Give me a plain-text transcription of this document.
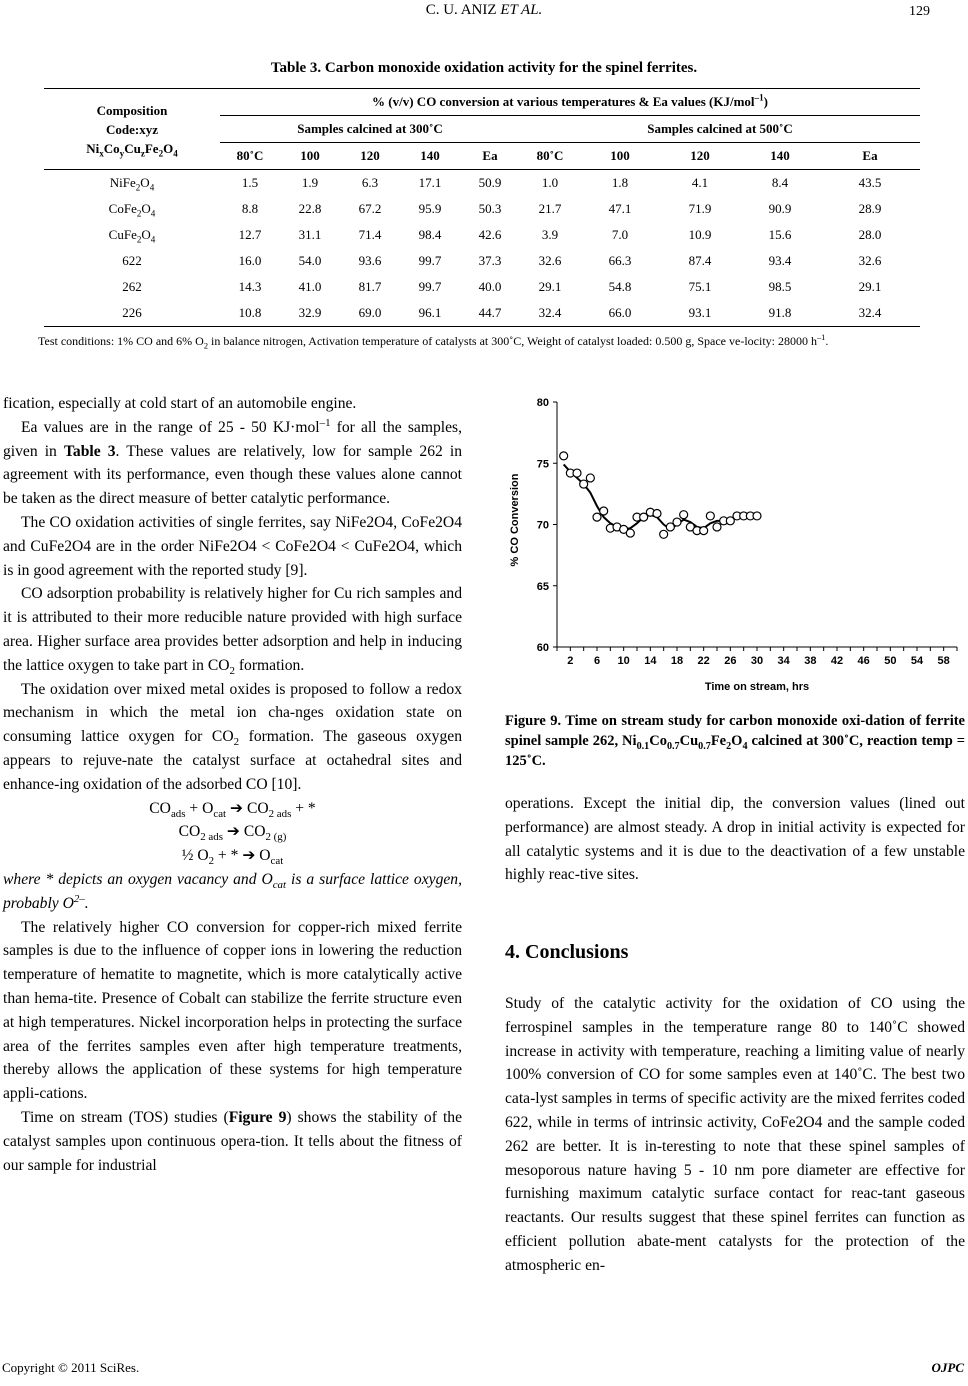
C. U. ANIZ ET AL.	129
Table 3. Carbon monoxide oxidation activity for the spinel ferrites.
Composition
Code:xyz
$Ni_xCo_yCu_zFe_2O_4$	% (v/v) CO conversion at various temperatures & Ea values (KJ/mol$^{-1}$)									
	Samples calcined at 300˚C					Samples calcined at 500˚C				
	80˚C	100	120	140	Ea	80˚C	100	120	140	Ea
$NiFe_2O_4$	1.5	1.9	6.3	17.1	50.9	1.0	1.8	4.1	8.4	43.5
$CoFe_2O_4$	8.8	22.8	67.2	95.9	50.3	21.7	47.1	71.9	90.9	28.9
$CuFe_2O_4$	12.7	31.1	71.4	98.4	42.6	3.9	7.0	10.9	15.6	28.0
622	16.0	54.0	93.6	99.7	37.3	32.6	66.3	87.4	93.4	32.6
262	14.3	41.0	81.7	99.7	40.0	29.1	54.8	75.1	98.5	29.1
226	10.8	32.9	69.0	96.1	44.7	32.4	66.0	93.1	91.8	32.4
Test conditions: 1% CO and 6% $O_2$ in balance nitrogen, Activation temperature of catalysts at 300˚C, Weight of catalyst loaded: 0.500 g, Space ve-locity: 28000 $h^{-1}$.

fication, especially at cold start of an automobile engine.

Ea values are in the range of 25 - 50 KJ·mol$^{-1}$ for all the samples, given in Table 3. These values are relatively, low for sample 262 in agreement with its performance, even though these values alone cannot be taken as the direct measure of better catalytic performance.

The CO oxidation activities of single ferrites, say NiFe2O4, CoFe2O4 and CuFe2O4 are in the order NiFe2O4 < CoFe2O4 < CuFe2O4, which is in good agreement with the reported study [9].

CO adsorption probability is relatively higher for Cu rich samples and it is attributed to their more reducible nature provided with high surface area. Higher surface area provides better adsorption and help in inducing the lattice oxygen to take part in $CO_2$ formation.

The oxidation over mixed metal oxides is proposed to follow a redox mechanism in which the metal ion cha-nges oxidation state on consuming lattice oxygen for $CO_2$ formation. The gaseous oxygen appears to rejuve-nate the catalyst surface at octahedral sites and enhance-ing oxidation of the adsorbed CO [10].

$CO_{ads} + O_{cat}$ ➔ $CO_{2 ads}$ + *

$CO_{2 ads}$ ➔ $CO_{2 (g)}$

½ $O_2$ + * ➔ $O_{cat}$

where * depicts an oxygen vacancy and $O_{cat}$ is a surface lattice oxygen, probably $O^{2-}$.

The relatively higher CO conversion for copper-rich mixed ferrite samples is due to the influence of copper ions in lowering the reduction temperature of hematite to magnetite, which is more catalytically active than hema-tite. Presence of Cobalt can stabilize the ferrite structure even at high temperatures. Nickel incorporation helps in protecting the surface area of the ferrites samples even after high temperature treatments, thereby allows the application of these systems for high temperature appli-cations.

Time on stream (TOS) studies (Figure 9) shows the stability of the catalyst samples upon continuous opera-tion. It tells about the fitness of our sample for industrial

60
65
70
75
80
2 6 10 14 18 22 26 30 34 38 42 46 50 54 58
% CO Conversion
Time on stream, hrs
Figure 9. Time on stream study for carbon monoxide oxi-dation of ferrite spinel sample 262, $Ni_{0.1}Co_{0.7}Cu_{0.7}Fe_2O_4$ calcined at 300˚C, reaction temp = 125˚C.

operations. Except the initial dip, the conversion values (lined out performance) are almost steady. A drop in initial activity is expected for all catalytic systems and it is due to the deactivation of a few unstable highly reac-tive sites.

4. Conclusions

Study of the catalytic activity for the oxidation of CO using the ferrospinel samples in the temperature range 80 to 140˚C showed increase in activity with temperature, reaching a limiting value of nearly 100% conversion of CO for some samples even at 140˚C. The best two cata-lyst samples in terms of specific activity are the mixed ferrites coded 622, while in terms of intrinsic activity, CoFe2O4 and the sample coded 262 are better. It is in-teresting to note that these spinel samples of mesoporous nature having 5 - 10 nm pore diameter are effective for furnishing maximum catalytic surface contact for reac-tant gaseous reactants. Our results suggest that these spinel ferrites can function as efficient pollution abate-ment catalysts for the protection of the atmospheric en-

Copyright © 2011 SciRes.	OJPC
